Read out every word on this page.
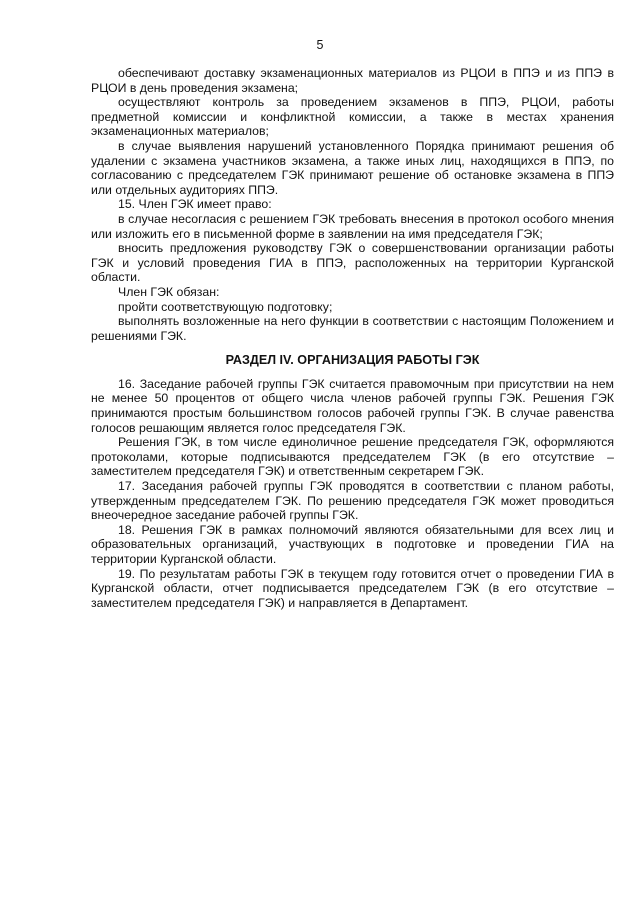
5

обеспечивают доставку экзаменационных материалов из РЦОИ в ППЭ и из ППЭ в РЦОИ в день проведения экзамена;

осуществляют контроль за проведением экзаменов в ППЭ, РЦОИ, работы предметной комиссии и конфликтной комиссии, а также в местах хранения экзаменационных материалов;

в случае выявления нарушений установленного Порядка принимают решения об удалении с экзамена участников экзамена, а также иных лиц, находящихся в ППЭ, по согласованию с председателем ГЭК принимают решение об остановке экзамена в ППЭ или отдельных аудиториях ППЭ.

15. Член ГЭК имеет право:

в случае несогласия с решением ГЭК требовать внесения в протокол особого мнения или изложить его в письменной форме в заявлении на имя председателя ГЭК;

вносить предложения руководству ГЭК о совершенствовании организации работы ГЭК и условий проведения ГИА в ППЭ, расположенных на территории Курганской области.

Член ГЭК обязан:

пройти соответствующую подготовку;

выполнять возложенные на него функции в соответствии с настоящим Положением и решениями ГЭК.

РАЗДЕЛ IV. ОРГАНИЗАЦИЯ РАБОТЫ ГЭК

16. Заседание рабочей группы ГЭК считается правомочным при присутствии на нем не менее 50 процентов от общего числа членов рабочей группы ГЭК. Решения ГЭК принимаются простым большинством голосов рабочей группы ГЭК. В случае равенства голосов решающим является голос председателя ГЭК.

Решения ГЭК, в том числе единоличное решение председателя ГЭК, оформляются протоколами, которые подписываются председателем ГЭК (в его отсутствие – заместителем председателя ГЭК) и ответственным секретарем ГЭК.

17. Заседания рабочей группы ГЭК проводятся в соответствии с планом работы, утвержденным председателем ГЭК. По решению председателя ГЭК может проводиться внеочередное заседание рабочей группы ГЭК.

18. Решения ГЭК в рамках полномочий являются обязательными для всех лиц и образовательных организаций, участвующих в подготовке и проведении ГИА на территории Курганской области.

19. По результатам работы ГЭК в текущем году готовится отчет о проведении ГИА в Курганской области, отчет подписывается председателем ГЭК (в его отсутствие – заместителем председателя ГЭК) и направляется в Департамент.
